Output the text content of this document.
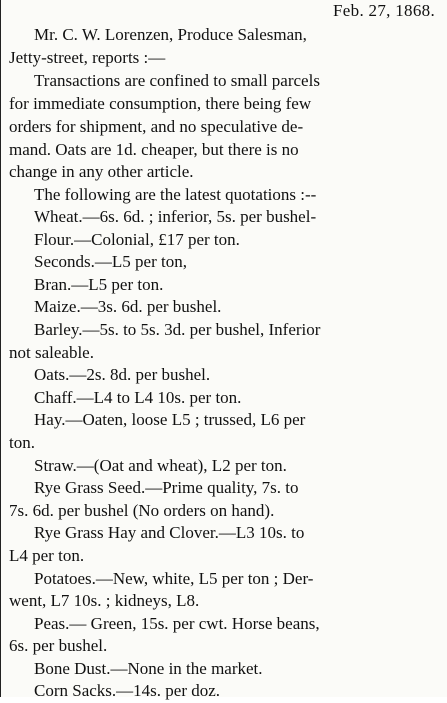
Feb. 27, 1868.
Mr. C. W. Lorenzen, Produce Salesman,
Jetty-street, reports :—
Transactions are confined to small parcels
for immediate consumption, there being few
orders for shipment, and no speculative de-
mand. Oats are 1d. cheaper, but there is no
change in any other article.
The following are the latest quotations :--
Wheat.—6s. 6d. ; inferior, 5s. per bushel-
Flour.—Colonial, £17 per ton.
Seconds.—L5 per ton,
Bran.—L5 per ton.
Maize.—3s. 6d. per bushel.
Barley.—5s. to 5s. 3d. per bushel, Inferior
not saleable.
Oats.—2s. 8d. per bushel.
Chaff.—L4 to L4 10s. per ton.
Hay.—Oaten, loose L5 ; trussed, L6 per
ton.
Straw.—(Oat and wheat), L2 per ton.
Rye Grass Seed.—Prime quality, 7s. to
7s. 6d. per bushel (No orders on hand).
Rye Grass Hay and Clover.—L3 10s. to
L4 per ton.
Potatoes.—New, white, L5 per ton ; Der-
went, L7 10s. ; kidneys, L8.
Peas.— Green, 15s. per cwt. Horse beans,
6s. per bushel.
Bone Dust.—None in the market.
Corn Sacks.—14s. per doz.
